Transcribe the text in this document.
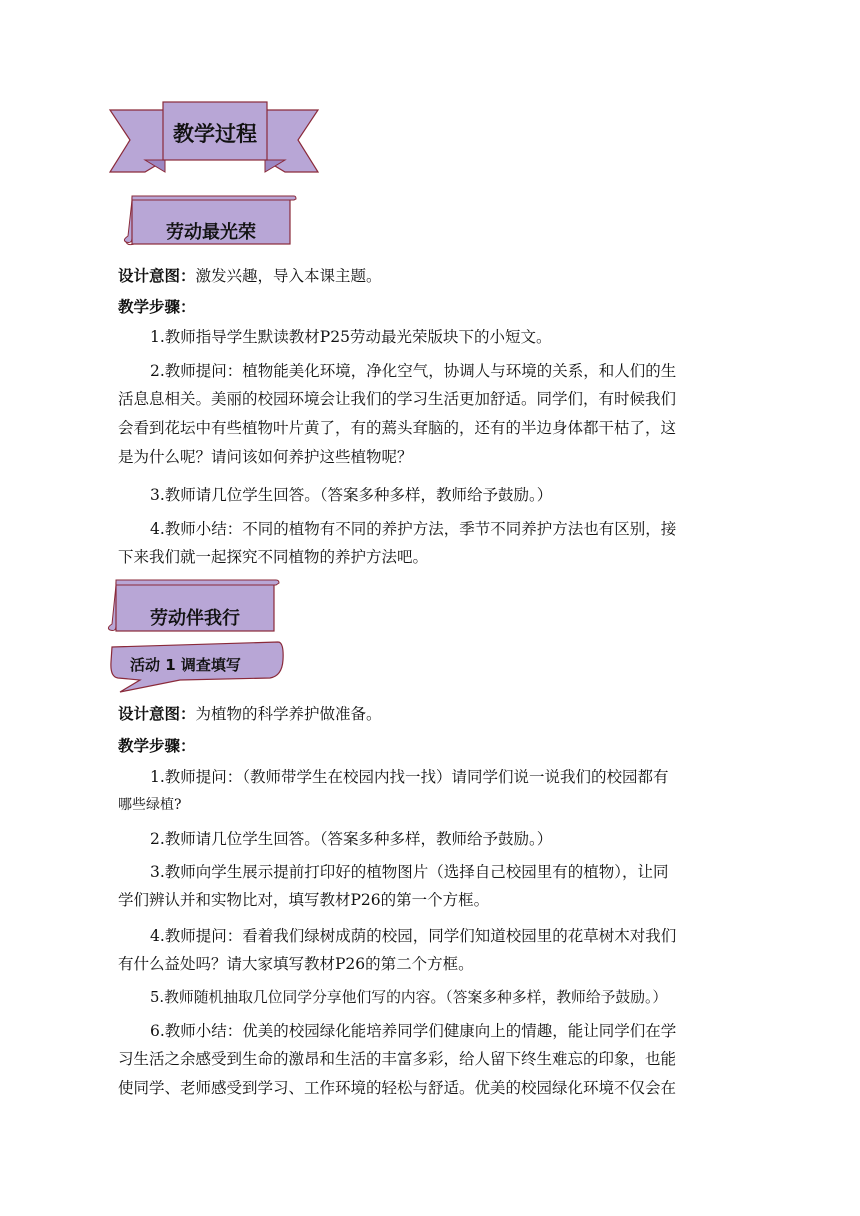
教学过程
劳动最光荣
设计意图：激发兴趣，导入本课主题。
教学步骤：
1.教师指导学生默读教材P25劳动最光荣版块下的小短文。
2.教师提问：植物能美化环境，净化空气，协调人与环境的关系，和人们的生
活息息相关。美丽的校园环境会让我们的学习生活更加舒适。同学们，有时候我们
会看到花坛中有些植物叶片黄了，有的蔫头耷脑的，还有的半边身体都干枯了，这
是为什么呢？请问该如何养护这些植物呢？
3.教师请几位学生回答。（答案多种多样，教师给予鼓励。）
4.教师小结：不同的植物有不同的养护方法，季节不同养护方法也有区别，接
下来我们就一起探究不同植物的养护方法吧。
劳动伴我行
活动 1 调查填写
设计意图：为植物的科学养护做准备。
教学步骤：
1.教师提问：（教师带学生在校园内找一找）请同学们说一说我们的校园都有
哪些绿植?
2.教师请几位学生回答。（答案多种多样，教师给予鼓励。）
3.教师向学生展示提前打印好的植物图片（选择自己校园里有的植物），让同
学们辨认并和实物比对，填写教材P26的第一个方框。
4.教师提问：看着我们绿树成荫的校园，同学们知道校园里的花草树木对我们
有什么益处吗？请大家填写教材P26的第二个方框。
5.教师随机抽取几位同学分享他们写的内容。（答案多种多样，教师给予鼓励。）
6.教师小结：优美的校园绿化能培养同学们健康向上的情趣，能让同学们在学
习生活之余感受到生命的激昂和生活的丰富多彩，给人留下终生难忘的印象，也能
使同学、老师感受到学习、工作环境的轻松与舒适。优美的校园绿化环境不仅会在
